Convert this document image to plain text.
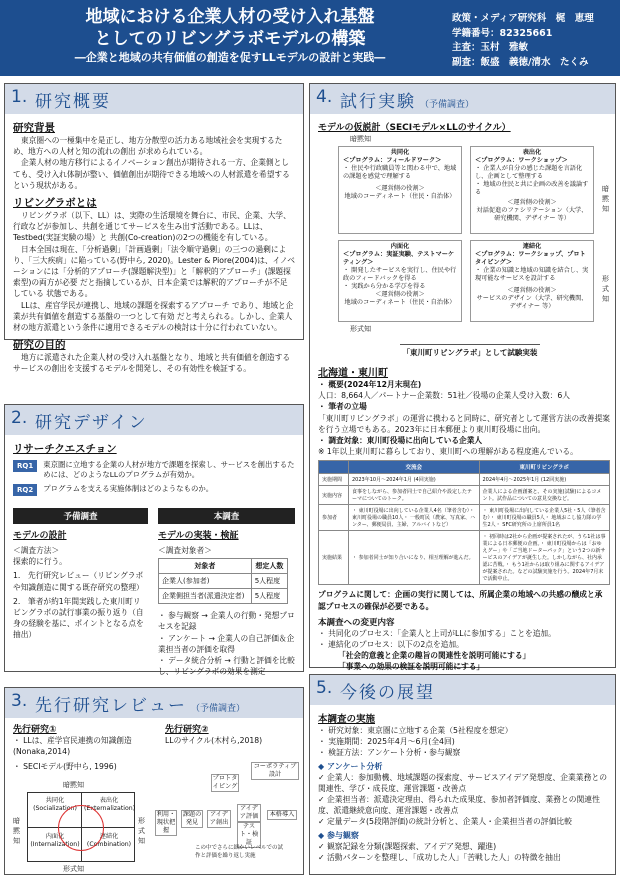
地域における企業人材の受け入れ基盤
としてのリビングラボモデルの構築
―企業と地域の共有価値の創造を促すLLモデルの設計と実践―
政策・メディア研究科　梶　恵理
学籍番号：82325661
主査：玉村　雅敏
副査：飯盛　義徳/清水　たくみ
1. 研究概要
研究背景
東京圏への一極集中を是正し、地方分散型の活力ある地域社会を実現するため、地方への人材と知の流れの創出 が求められている。
企業人材の地方移行によるイノベーション創出が期待される一方、企業側としても、受け入れ体制が整い、価値創出が期待できる地域への人材派遣を希望するという現状がある。
リビングラボとは
リビングラボ（以下、LL）は、実際の生活環境を舞台に、市民、企業、大学、行政などが参加し、共創を通じてサービスを生み出す活動である。LLは、Testbed(実証実験の場）と 共創(Co-creation)の2つの機能を有している。
日本全国は現在、「分析過剰」「計画過剰」「法令順守過剰」の三つの過剰により、「三大疾病」に陥っている(野中ら, 2020)。Lester & Piore(2004)は、イノベーションには「分析的アプローチ(課題解決型)」と「解釈的アプローチ」(課題探索型)の両方が必要 だと指摘しているが、日本企業では解釈的アプローチが不足している 状態である。
LLは、産官学民が連携し、地域の課題を探索するアプローチ であり、地域と企業が共有価値を創造する基盤の一つとして有効 だと考えられる。しかし、企業人材の地方派遣という条件に適用できるモデルの検討は十分に行われていない。
研究の目的
地方に派遣された企業人材の受け入れ基盤となり、地域と共有価値を創造するサービスの創出を支援するモデルを開発し、その有効性を検証する。
2. 研究デザイン
リサーチクエスチョン
RQ1	東京圏に立地する企業の人材が地方で課題を探索し、サービスを創出するためには、どのようなLLのプログラムが有効か。
RQ2	プログラムを支える実施体制はどのようなものか。
予備調査
モデルの設計
＜調査方法＞
探索的に行う。
1.　先行研究レビュー（リビングラボや知識創造に関する既存研究の整理）
2.　筆者が約1年間実践した東川町リビングラボの試行事業の振り返り（自身の経験を基に、ポイントとなる点を抽出）
本調査
モデルの実装・検証
＜調査対象者＞
対象者	想定人数
企業人(参加者)	5人程度
企業側担当者(派遣決定者)	5人程度
・ 参与観察 → 企業人の行動・発想プロセスを記録
・ アンケート → 企業人の自己評価＆企業担当者の評価を取得
・ データ統合分析 → 行動と評価を比較し、リビングラボの効果を測定
3. 先行研究レビュー （予備調査）
先行研究①
・ LLは、産学官民連携の知識創造(Nonaka,2014)
・ SECIモデル(野中ら, 1996)
先行研究②
LLのサイクル(木村ら,2018)
暗黙知
形式知
暗黙知
形式知
共同化 (Socialization)
表出化 (Externalization)
内面化 (Internalization)
連結化 (Combination)
利用・現状把握
課題の発見
プロトタイピング
コーポラティブ設計
アイデア創出
アイデア評価
テスト・検証
本格導入
この中でさらに細かいレベルでの試作と評価を繰り返し実施
4. 試行実験 （予備調査）
モデルの仮説計（SECIモデル×LLのサイクル）
暗黙知
形式知
暗黙知
形式知
共同化
＜プログラム：フィールドワーク＞
・ 住民や行政職員等と関わる中で、地域の課題を感覚で理解する
＜運営側の役割＞
地域のコーディネート（住民・自治体）
表出化
＜プログラム：ワークショップ＞
・ 企業人が自分の感じた課題を言語化し、企画として整理する
・ 地域の住民と共に企画の改善を議論する
＜運営側の役割＞
対話促進のファシリテーション（大学、研究機関、デザイナー 等）
内面化
＜プログラム：実証実験、テストマーケティング＞
・ 開発したサービスを実行し、住民や行政のフィードバックを得る
・ 実践から分かる学びを得る
＜運営側の役割＞
地域のコーディネート（住民・自治体）
連結化
＜プログラム：ワークショップ、プロトタイピング＞
・ 企業の知識と地域の知識を結合し、実現可能なサービスを設計する
＜運営側の役割＞
サービスのデザイン（大学、研究機関、デザイナー 等）
「東川町リビングラボ」として試験実装
北海道・東川町
・ 概要(2024年12月末現在)
人口：8,664人／パートナー企業数：51社／役場の企業人受け入数：6人
・ 筆者の立場
「東川町リビングラボ」の運営に携わると同時に、研究者として運営方法の改善提案を行う立場でもある。2023年に日本郵便より東川町役場に出向。
・ 調査対象：東川町役場に出向している企業人
※ 1年以上東川町に暮らしており、東川町への理解がある程度進んでいる。
	交流会	東川町リビングラボ
実施期間	2023年10月〜2024年1月 (4回実施)	2024年4月〜2025年1月 (12回実施)
実施内容	食事をしながら、参加者同士で自己紹介や設定したテーマについてのトーク。	企業人による企画創案と、その実施(試験)によるコメント。試作品についての意見交換など。
参加者	・ 東川町役場に出向している企業人4名（筆者含む）・ 東川町役場の職員10人・ 一般町民（農家、写真家、ハンター、郵便局員、主婦、アルバイトなど）	・ 東川町役場に出向している企業人5社・5人（筆者含む）・ 東川町役場の職員5人・ 地域おこし協力隊の学生2人・ SFC研究所の上席所員1名
実施結果	・ 参加者同士が知り合いになり、相互理解が進んだ。	・ 初回時は2社から企画が提案されたが、うち1社は事業による日本郵便の企画。・ 東川町役場からは「おゆえグー」や「ご当地ドーターパック」という2つの新サービスのアイデアが誕生した。しかしながら、社内承認に苦戦。・ もう1社からは取り組みに関するアイデアが提案された。などの試験実施を行う。2024年7月末で活動中止。
プログラムに関して：企画の実行に関しては、所属企業の地域への共感の醸成と承認プロセスの確保が必要である。
本調査への変更内容
・ 共同化のプロセス：「企業人と上司がLLに参加する」ことを追加。
・ 連結化のプロセス：以下の2点を追加。
「社会的意義と企業の趣旨の関連性を説明可能にする」
「事業への効果の検証を説明可能にする」
5. 今後の展望
本調査の実施
・ 研究対象：東京圏に立地する企業（5社程度を想定）
・ 実施期間：2025年4月〜6月(全4回)
・ 検証方法：アンケート分析・参与観察
◆ アンケート分析
✓ 企業人：参加動機、地域課題の探索度、サービスアイデア発想度、企業業務との関連性、学び・成長度、運営課題・改善点
✓ 企業担当者：派遣決定理由、得られた成果度、参加者評価度、業務との関連性度、派遣継続意向度、運営課題・改善点
✓ 定量データ(5段階評価)の統計分析と、企業人・企業担当者の評価比較
◆ 参与観察
✓ 観察記録を分類(課題探索、アイデア発想、躍進)
✓ 活動パターンを整理し、「成功した人」「苦戦した人」の特徴を抽出
